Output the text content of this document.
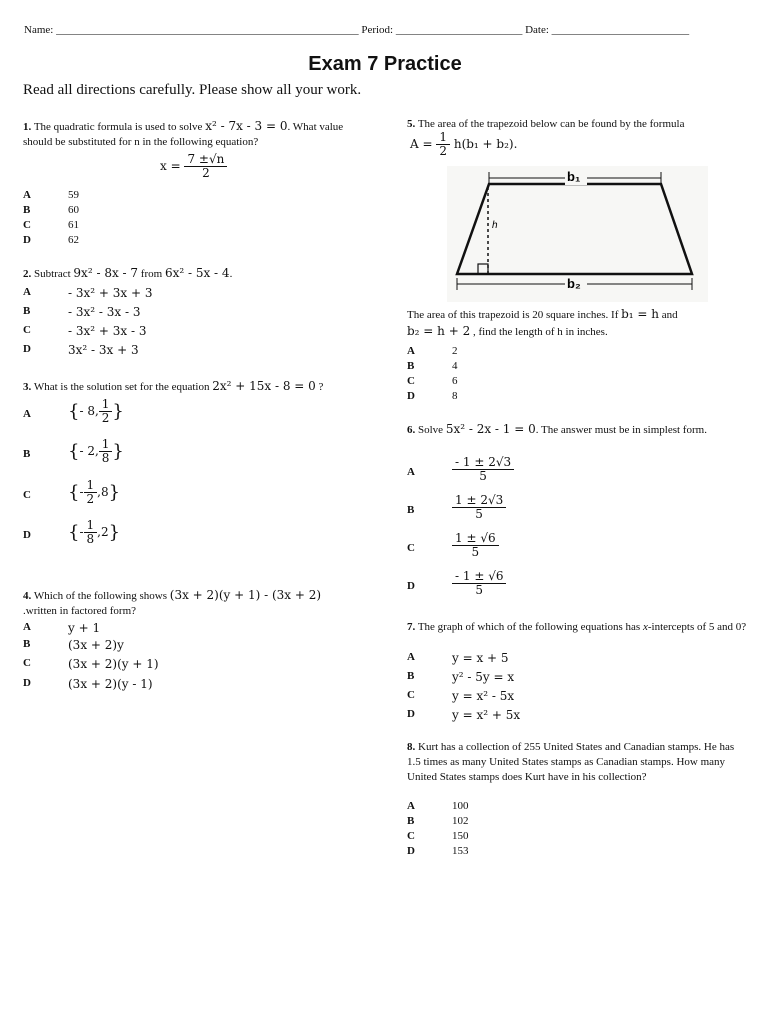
Name: _______________________________________________________ Period: _______________________ Date: _________________________
Exam 7 Practice
Read all directions carefully. Please show all your work.
1. The quadratic formula is used to solve x² - 7x - 3 = 0. What value should be substituted for n in the following equation?
$x = \frac{7 \pm√n}{2}$
A	59
B	60
C	61
D	62
2. Subtract 9x² - 8x - 7 from 6x² - 5x - 4.
A	- 3x² + 3x + 3
B	- 3x² - 3x - 3
C	- 3x² + 3x - 3
D	3x² - 3x + 3
3. What is the solution set for the equation 2x² + 15x - 8 = 0 ?
A {- 8, $\frac{1}{2}$ }
B {- 2, $\frac{1}{8}$ }
C {- $\frac{1}{2} ,8$}
D {- $\frac{1}{8} ,2$}
4. Which of the following shows (3x + 2)(y + 1) - (3x + 2)
.written in factored form?
A	y + 1
B	(3x + 2)y
C	(3x + 2)(y + 1)
D	(3x + 2)(y - 1)
5. The area of the trapezoid below can be found by the formula
$A = \frac{1}{2} h(b_1 + b_2)$.
b₁
h
b₂
The area of this trapezoid is 20 square inches. If b₁ = h and
b₂ = h + 2 , find the length of h in inches.
A	2
B	4
C	6
D	8
6. Solve 5x² - 2x - 1 = 0. The answer must be in simplest form.
A	$\frac{- 1 \pm 2√3}{5}$
B	$\frac{1 \pm 2√3}{5}$
C	$\frac{1 \pm √6}{5}$
D	$\frac{- 1 \pm √6}{5}$
7. The graph of which of the following equations has x-intercepts of 5 and 0?
A	y = x + 5
B	y² - 5y = x
C	y = x² - 5x
D	y = x² + 5x
8. Kurt has a collection of 255 United States and Canadian stamps. He has 1.5 times as many United States stamps as Canadian stamps. How many United States stamps does Kurt have in his collection?
A	100
B	102
C	150
D	153
